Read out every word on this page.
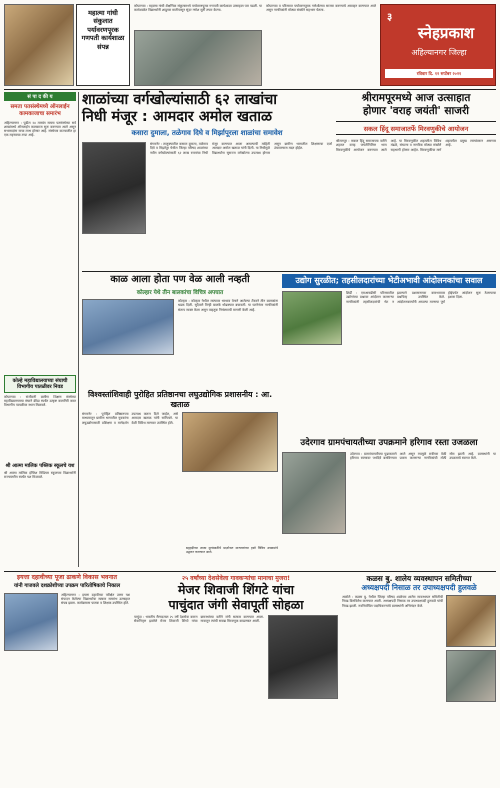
महात्मा गांधी संकुलात पर्यावरणपूरक गणपती कार्यशाळा संपन्न

कोपरगाव : महात्मा गांधी शैक्षणिक संकुलामध्ये पर्यावरणपूरक गणपती कार्यशाळा उत्साहात पार पडली. या कार्यशाळेत विद्यार्थ्यांनी शाडूच्या मातीपासून सुंदर गणेश मूर्ती तयार केल्या.

कोपरगाव व परिसरात पर्यावरणपूरक गणेशोत्सव साजरा करण्याचे आवाहन करण्यात आले असून नागरिकांनी मोठ्या संख्येने सहभाग घेतला.

३
स्नेहप्रकाश
अहिल्यानगर जिल्हा
रविवार दि. १२ सप्टेंबर २०२१
सं पा द की य
समता पतसंस्थेमध्ये ऑनलाईन कामकाजाचा समारंभ
अहिल्यानगर : पुढील २४ तासांत समता पतसंस्थेच्या सर्व शाखांमध्ये ऑनलाईन कामकाज सुरू करण्यात आले असून सभासदांना याचा लाभ होणार आहे. संस्थेच्या वाटचालीत हा एक महत्त्वाचा टप्पा आहे.
कोल्हे महाविद्यालयाच्या संघाची विभागीय पातळीवर निवड
कोपरगाव : संजीवनी ग्रामीण शिक्षण संस्थेच्या महाविद्यालयाच्या संघाने क्रीडा स्पर्धेत उत्कृष्ट कामगिरी करत विभागीय पातळीवर स्थान मिळवले.
श्री आत्मा मालिक पब्लिक स्कूलचे यश
श्री आत्मा मालिक इंग्लिश मिडियम स्कूलच्या विद्यार्थ्यांनी राज्यस्तरीय स्पर्धेत यश मिळवले.
शाळांच्या वर्गखोल्यांसाठी ६२ लाखांचा
निधी मंजूर : आमदार अमोल खताळ
कसारा दुमाला, तळेगाव दिघे व मिर्झापूरला शाळांचा समावेश
संगमनेर : तालुक्यातील कसारा दुमाला, तळेगाव दिघे व मिर्झापूर येथील जिल्हा परिषद शाळांच्या नवीन वर्गखोल्यांसाठी ६२ लाख रुपयांचा निधी मंजूर करण्यात आला असल्याची माहिती आमदार अमोल खताळ यांनी दिली. या निधीमुळे विद्यार्थ्यांना सुसज्ज वर्गखोल्या उपलब्ध होणार असून ग्रामीण भागातील शिक्षणाचा दर्जा उंचावण्यास मदत होईल.
श्रीरामपूरमध्ये आज उत्साहात
होणार 'वराह जयंती' साजरी
सकल हिंदू समाजातर्फे मिरवणुकीचे आयोजन
श्रीरामपूर : सकल हिंदू समाजाच्या वतीने शहरात वराह जयंतीनिमित्त भव्य मिरवणुकीचे आयोजन करण्यात आले आहे. या मिरवणुकीत शहरातील विविध मंडळे, संघटना व नागरिक मोठ्या संख्येने सहभागी होणार आहेत. मिरवणुकीचा मार्ग शहरातील प्रमुख रस्त्यांवरून असणार आहे.
काळ आला होता पण वेळ आली नव्हती
कोल्हार येथे तीन बालकांचा विचित्र अपघात
कोल्हार : कोल्हार येथील रस्त्यावर भरधाव वेगाने आलेल्या टँकरने तीन बालकांना धडक दिली. सुदैवाने तिन्ही बालके थोडक्यात बचावली. या घटनेनंतर नागरिकांनी संताप व्यक्त केला असून वाहतूक नियंत्रणाची मागणी केली आहे.
उद्योग सुरळीत; तहसीलदारांच्या भेटीअभावी आंदोलनकांचा सवाल
शिर्डी : एमआयडीसी परिसरातील उद्योगांच्या प्रश्नावर आंदोलन करणाऱ्या नागरिकांनी तहसीलदारांची भेट न झाल्याने प्रशासनाच्या कारभारावर प्रश्नचिन्ह उपस्थित केले. आंदोलनकर्त्यांनी आपल्या मागण्या पूर्ण होईपर्यंत आंदोलन सुरू ठेवण्याचा इशारा दिला.
विश्वस्तांशिवाही पुरोहित प्रतिष्ठानचा लघुउद्योगिक प्रशासनीय : आ. खताळ
संगमनेर : पुरोहित प्रतिष्ठानच्या माध्यमातून ग्रामीण भागातील युवकांना लघुउद्योगासाठी प्रशिक्षण व मार्गदर्शन उपलब्ध करून दिले जाईल, असे आमदार खताळ यांनी सांगितले. या वेळी विविध मान्यवर उपस्थित होते.
उदेरगाव ग्रामपंचायतीच्या उपक्रमाने हरिगाव रस्ता उजळला
उदेरगाव : ग्रामपंचायतीच्या पुढाकाराने हरिगाव रस्त्यावर पथदिवे बसविण्यात आले असून त्यामुळे रात्रीच्या वेळी प्रवास करणाऱ्या नागरिकांची मोठी सोय झाली आहे. ग्रामस्थांनी या उपक्रमाचे स्वागत केले.
सह्याद्रीच्या शाळा मुलांसाठीचे प्रदर्शनात मान्यवरांच्या हस्ते विविध उपक्रमांचे उद्घाटन करण्यात आले.
इयत्ता दहावीच्या पूजा ढाकणे विकास भवनात
यांनी गाजवले दशक्रोशीच्या उपक्रम पारितोषिकाचे निकाल
अहिल्यानगर : इयत्ता दहावीच्या परीक्षेत उत्तम यश संपादन केलेल्या विद्यार्थ्यांचा सत्कार समारंभ उत्साहात संपन्न झाला. कार्यक्रमास पालक व शिक्षक उपस्थित होते.
२५ वर्षांच्या देशसेवेला गावकऱ्यांचा मानाचा मुजरा!
मेजर शिवाजी शिंगटे यांचा
पाचुंदात जंगी सेवापूर्ती सोहळा
पाचुंदा : भारतीय सैन्यदलात २५ वर्षे देशसेवा करून सेवानिवृत्त झालेले मेजर शिवाजी शिंगटे यांचा ग्रामस्थांच्या वतीने जंगी सत्कार करण्यात आला. गावातून त्यांची सवाद्य मिरवणूक काढण्यात आली.
कळस बु. शालेय व्यवस्थापन समितीच्या
अध्यक्षपदी निसाळ तर उपाध्यक्षपदी हुलवळे
अकोले : कळस बु. येथील जिल्हा परिषद शाळेच्या शालेय व्यवस्थापन समितीची निवड बिनविरोध करण्यात आली. अध्यक्षपदी निसाळ तर उपाध्यक्षपदी हुलवळे यांची निवड झाली. नवनिर्वाचित पदाधिकाऱ्यांचे ग्रामस्थांनी अभिनंदन केले.
